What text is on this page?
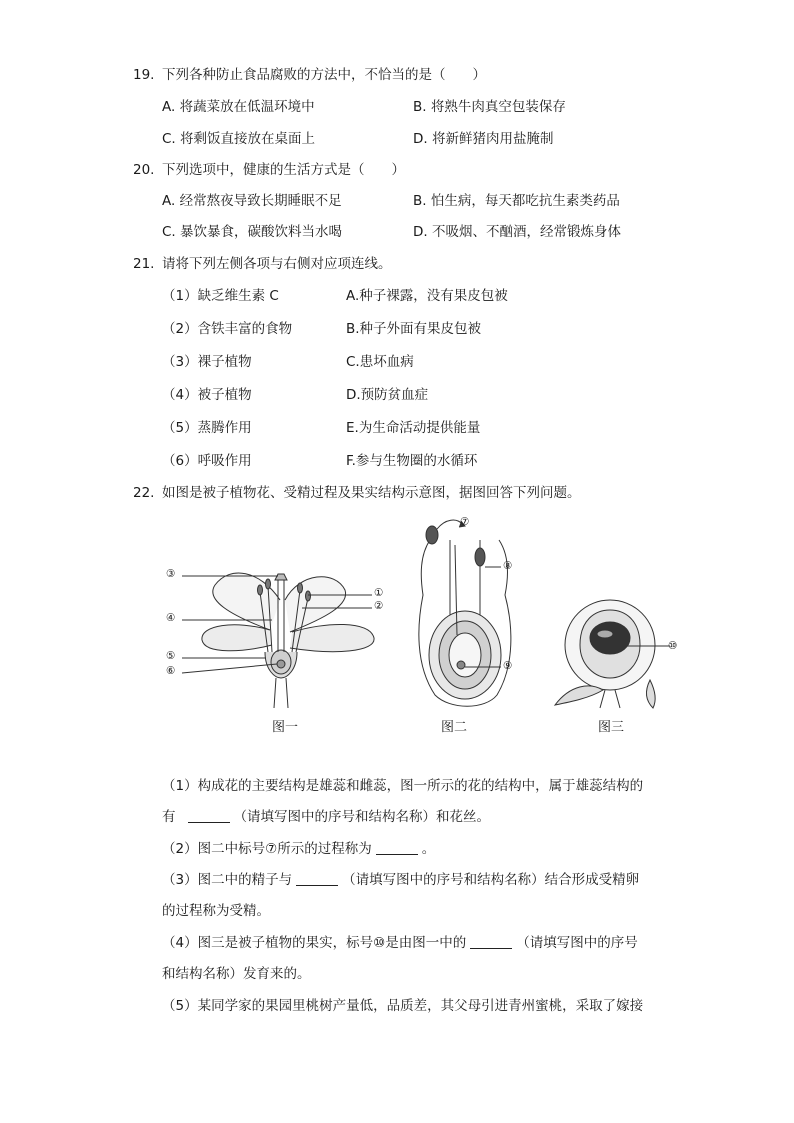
19. 下列各种防止食品腐败的方法中，不恰当的是（　　）
A. 将蔬菜放在低温环境中	B. 将熟牛肉真空包装保存
C. 将剩饭直接放在桌面上	D. 将新鲜猪肉用盐腌制
20. 下列选项中，健康的生活方式是（　　）
A. 经常熬夜导致长期睡眠不足	B. 怕生病，每天都吃抗生素类药品
C. 暴饮暴食，碳酸饮料当水喝	D. 不吸烟、不酗酒，经常锻炼身体
21. 请将下列左侧各项与右侧对应项连线。
（1）缺乏维生素 C	A.种子裸露，没有果皮包被
（2）含铁丰富的食物	B.种子外面有果皮包被
（3）裸子植物	C.患坏血病
（4）被子植物	D.预防贫血症
（5）蒸腾作用	E.为生命活动提供能量
（6）呼吸作用	F.参与生物圈的水循环
22. 如图是被子植物花、受精过程及果实结构示意图，据图回答下列问题。
③
①
②
④
⑤
⑥
⑦
⑧
⑨
⑩
图一	图二	图三
（1）构成花的主要结构是雄蕊和雌蕊，图一所示的花的结构中，属于雄蕊结构的
有	（请填写图中的序号和结构名称）和花丝。
（2）图二中标号⑦所示的过程称为	。
（3）图二中的精子与	（请填写图中的序号和结构名称）结合形成受精卵
的过程称为受精。
（4）图三是被子植物的果实，标号⑩是由图一中的	（请填写图中的序号
和结构名称）发育来的。
（5）某同学家的果园里桃树产量低，品质差，其父母引进青州蜜桃，采取了嫁接
